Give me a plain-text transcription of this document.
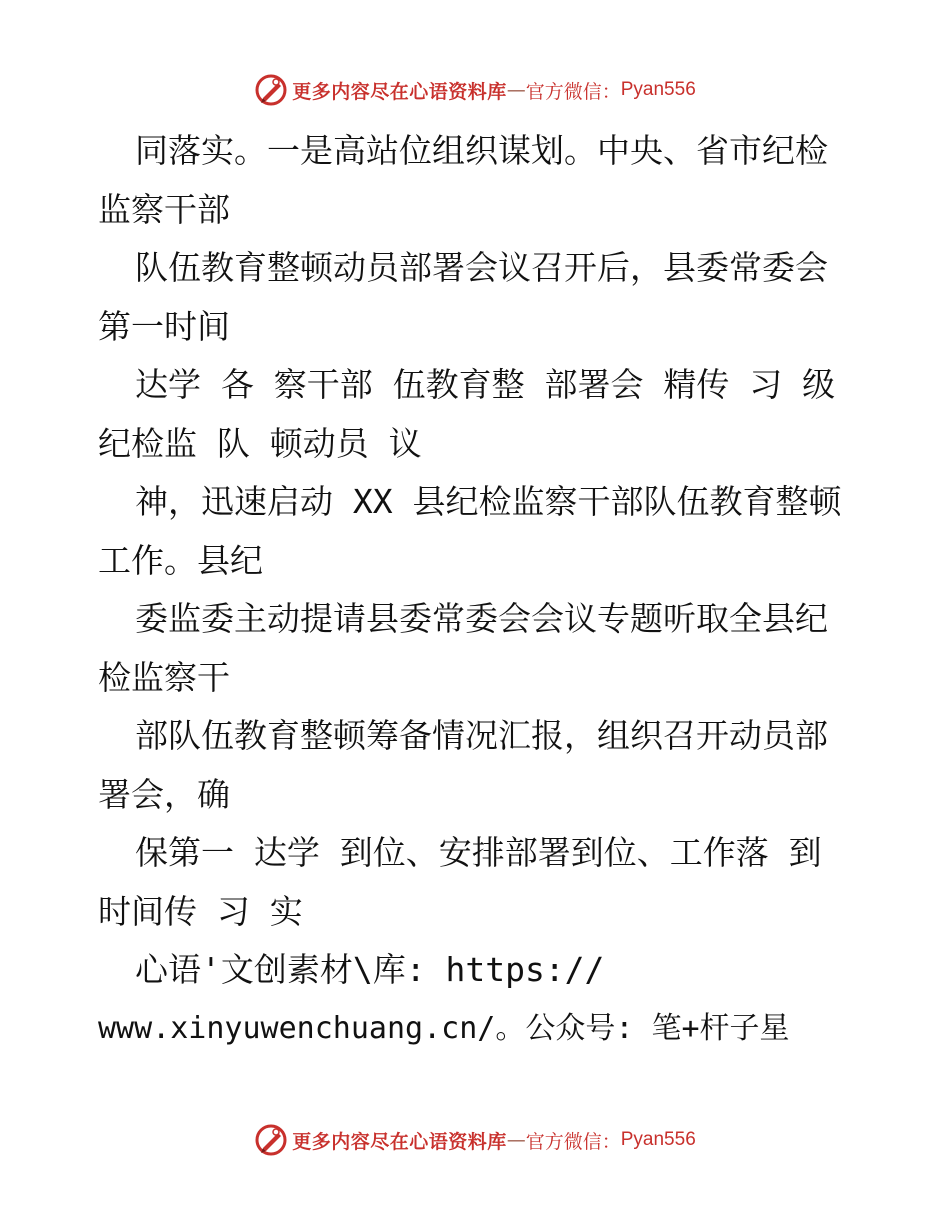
更多内容尽在心语资料库 — 官方微信： Pyan556
同落实。一是高站位组织谋划。中央、省市纪检
监察干部
队伍教育整顿动员部署会议召开后，县委常委会
第一时间
达学 各 察干部 伍教育整 部署会 精传 习 级
纪检监 队 顿动员 议
神，迅速启动 XX 县纪检监察干部队伍教育整顿
工作。县纪
委监委主动提请县委常委会会议专题听取全县纪
检监察干
部队伍教育整顿筹备情况汇报，组织召开动员部
署会，确
保第一 达学 到位、安排部署到位、工作落 到
时间传 习 实
心语'文创素材\库: https://
www.xinyuwenchuang.cn/。公众号: 笔+杆子星
更多内容尽在心语资料库 — 官方微信： Pyan556
